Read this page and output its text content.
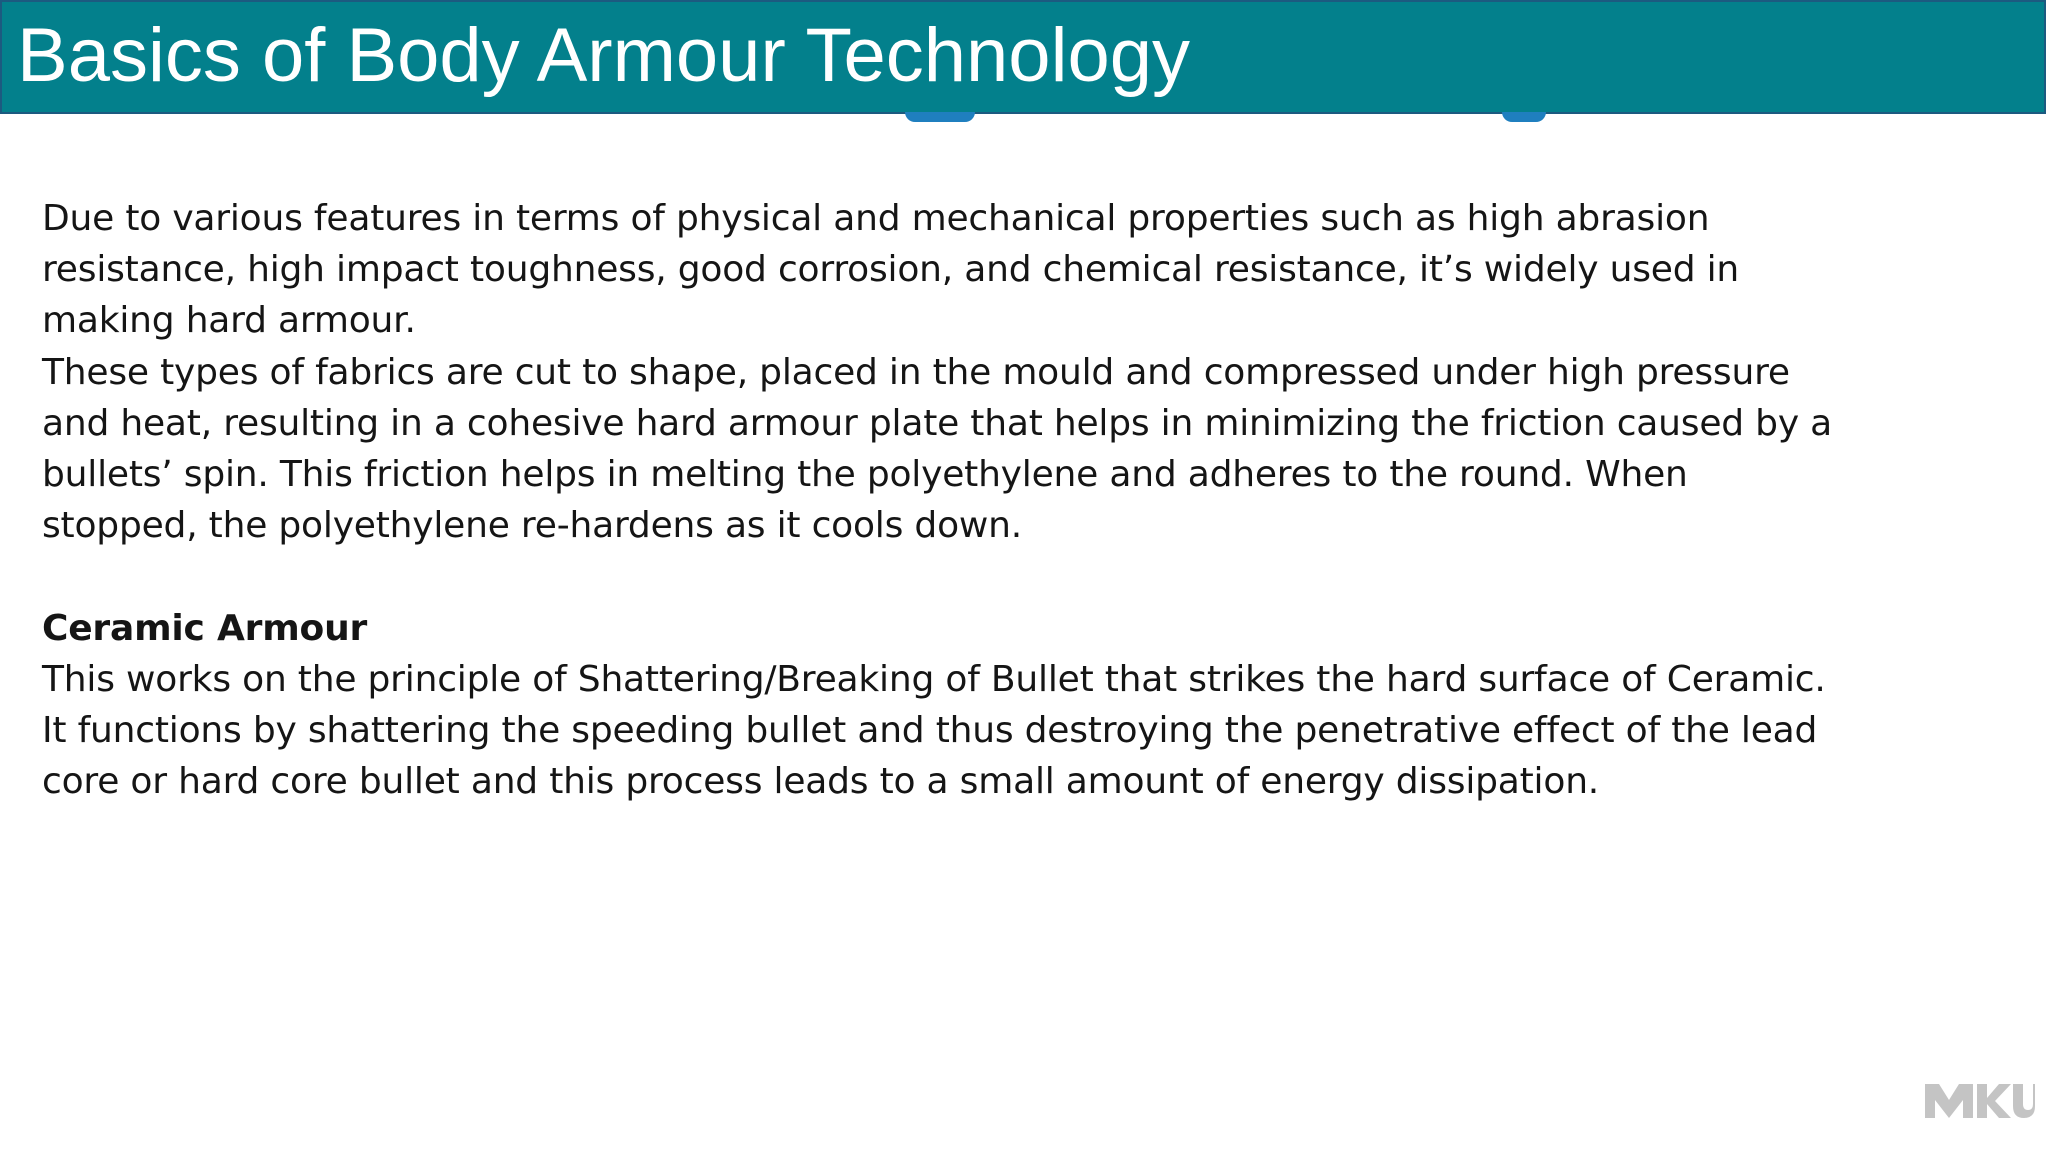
Basics of Body Armour Technology

Due to various features in terms of physical and mechanical properties such as high abrasion
resistance, high impact toughness, good corrosion, and chemical resistance, it’s widely used in
making hard armour.

These types of fabrics are cut to shape, placed in the mould and compressed under high pressure
and heat, resulting in a cohesive hard armour plate that helps in minimizing the friction caused by a
bullets’ spin. This friction helps in melting the polyethylene and adheres to the round. When
stopped, the polyethylene re-hardens as it cools down.

Ceramic Armour

This works on the principle of Shattering/Breaking of Bullet that strikes the hard surface of Ceramic.
It functions by shattering the speeding bullet and thus destroying the penetrative effect of the lead
core or hard core bullet and this process leads to a small amount of energy dissipation.
